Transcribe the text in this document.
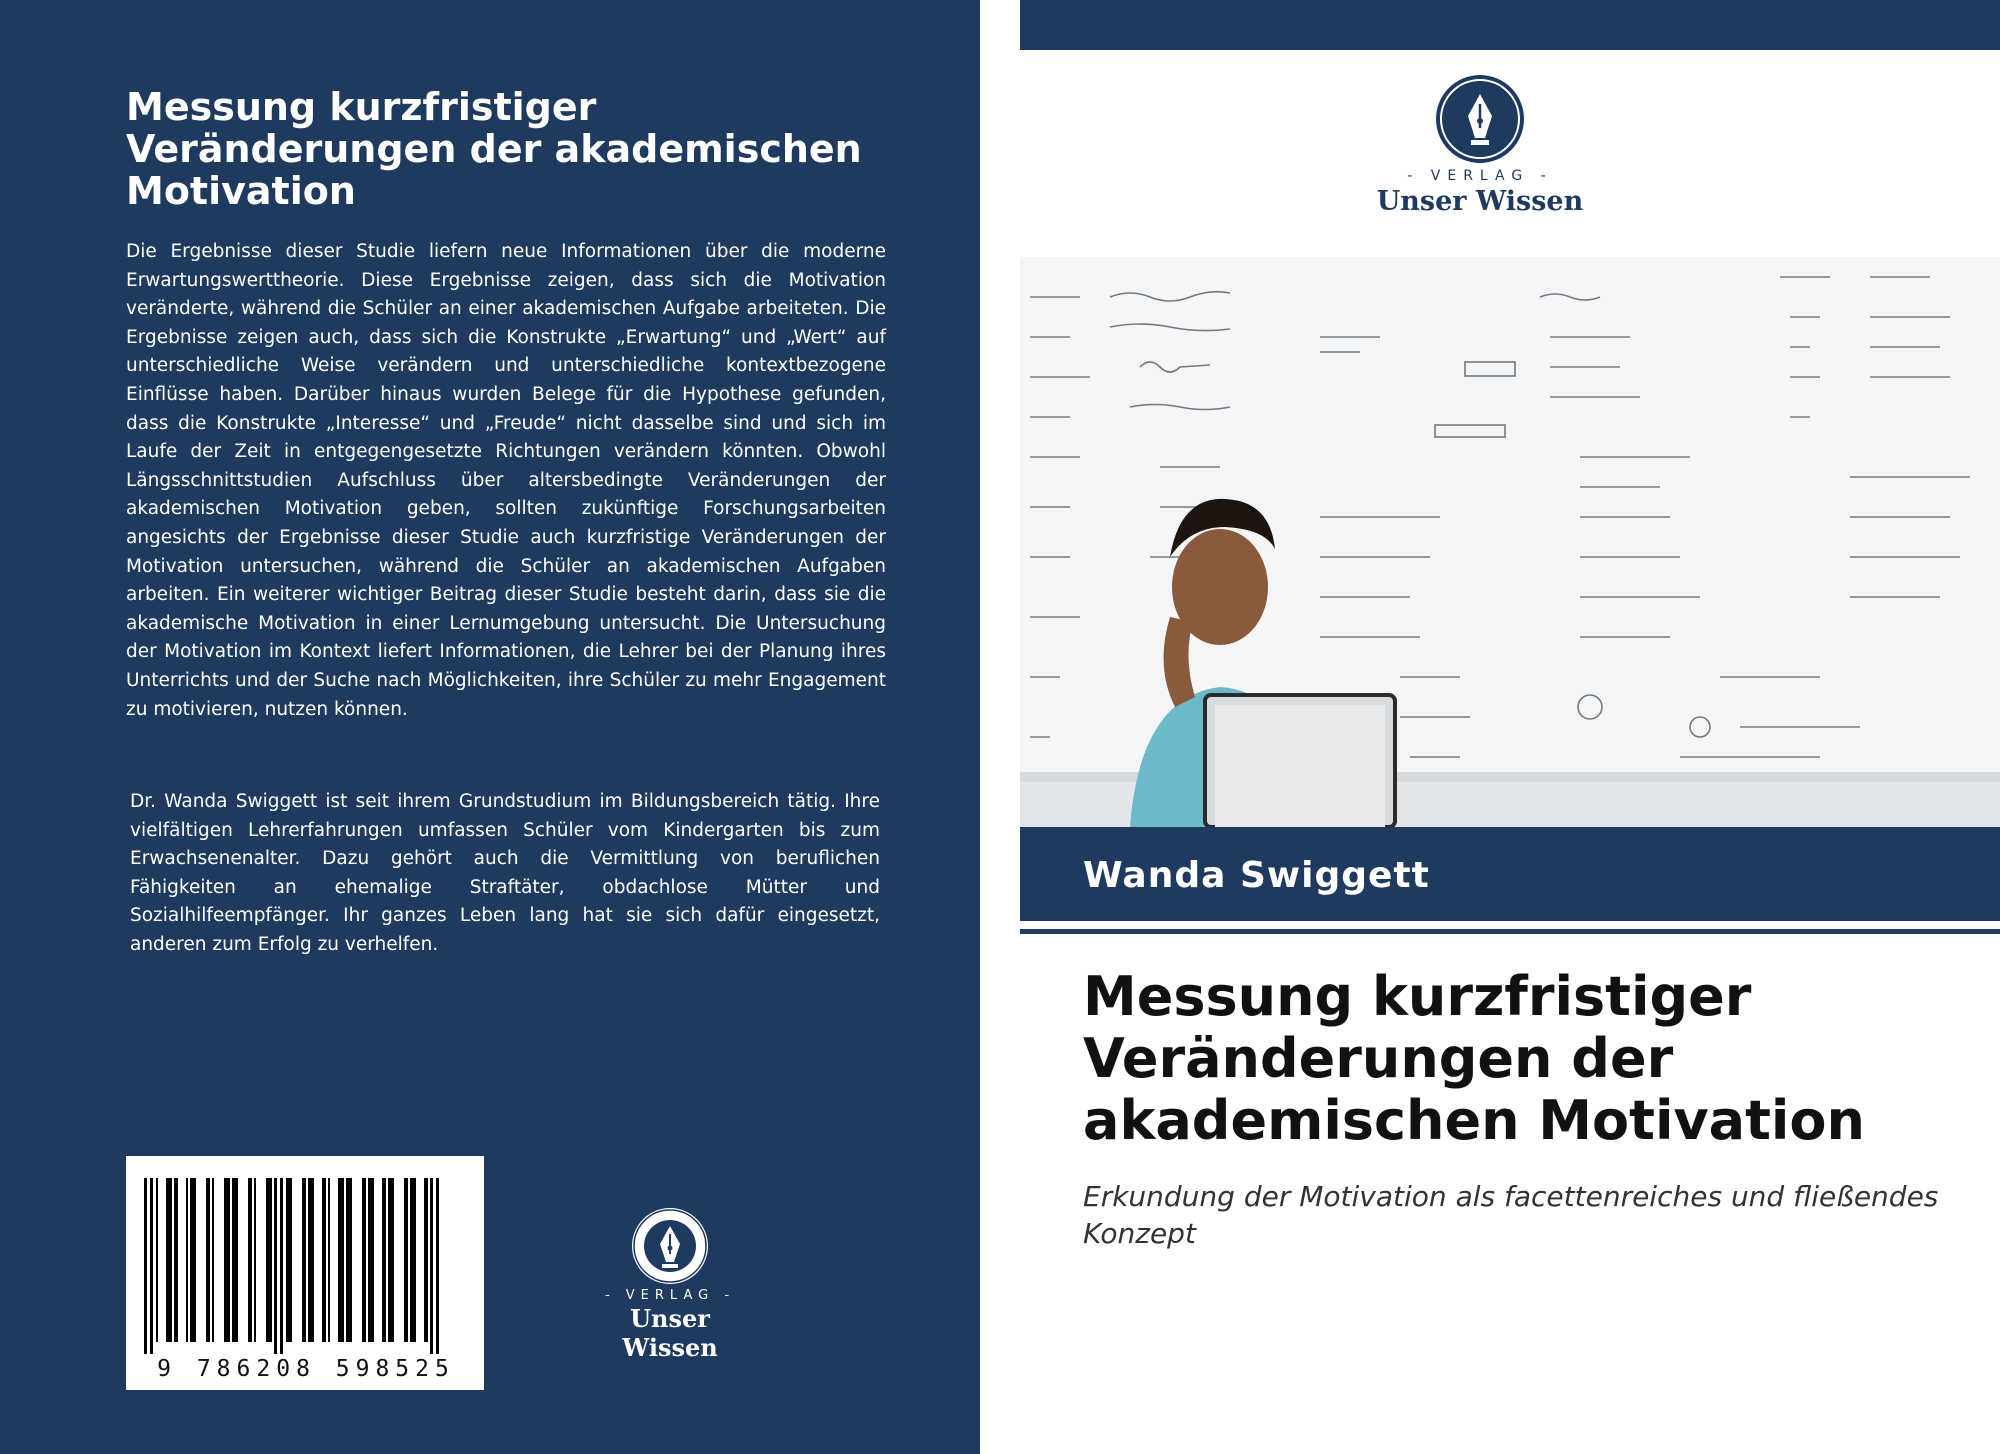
Messung kurzfristiger Veränderungen der akademischen Motivation

Die Ergebnisse dieser Studie liefern neue Informationen über die moderne Erwartungswerttheorie. Diese Ergebnisse zeigen, dass sich die Motivation veränderte, während die Schüler an einer akademischen Aufgabe arbeiteten. Die Ergebnisse zeigen auch, dass sich die Konstrukte „Erwartung“ und „Wert“ auf unterschiedliche Weise verändern und unterschiedliche kontextbezogene Einflüsse haben. Darüber hinaus wurden Belege für die Hypothese gefunden, dass die Konstrukte „Interesse“ und „Freude“ nicht dasselbe sind und sich im Laufe der Zeit in entgegengesetzte Richtungen verändern könnten. Obwohl Längsschnittstudien Aufschluss über altersbedingte Veränderungen der akademischen Motivation geben, sollten zukünftige Forschungsarbeiten angesichts der Ergebnisse dieser Studie auch kurzfristige Veränderungen der Motivation untersuchen, während die Schüler an akademischen Aufgaben arbeiten. Ein weiterer wichtiger Beitrag dieser Studie besteht darin, dass sie die akademische Motivation in einer Lernumgebung untersucht. Die Untersuchung der Motivation im Kontext liefert Informationen, die Lehrer bei der Planung ihres Unterrichts und der Suche nach Möglichkeiten, ihre Schüler zu mehr Engagement zu motivieren, nutzen können.

Dr. Wanda Swiggett ist seit ihrem Grundstudium im Bildungsbereich tätig. Ihre vielfältigen Lehrerfahrungen umfassen Schüler vom Kindergarten bis zum Erwachsenenalter. Dazu gehört auch die Vermittlung von beruflichen Fähigkeiten an ehemalige Straftäter, obdachlose Mütter und Sozialhilfeempfänger. Ihr ganzes Leben lang hat sie sich dafür eingesetzt, anderen zum Erfolg zu verhelfen.

9 786208 598525
- VERLAG -
Unser Wissen
- VERLAG -
Unser Wissen
Wanda Swiggett
Messung kurzfristiger Veränderungen der akademischen Motivation

Erkundung der Motivation als facettenreiches und fließendes Konzept
